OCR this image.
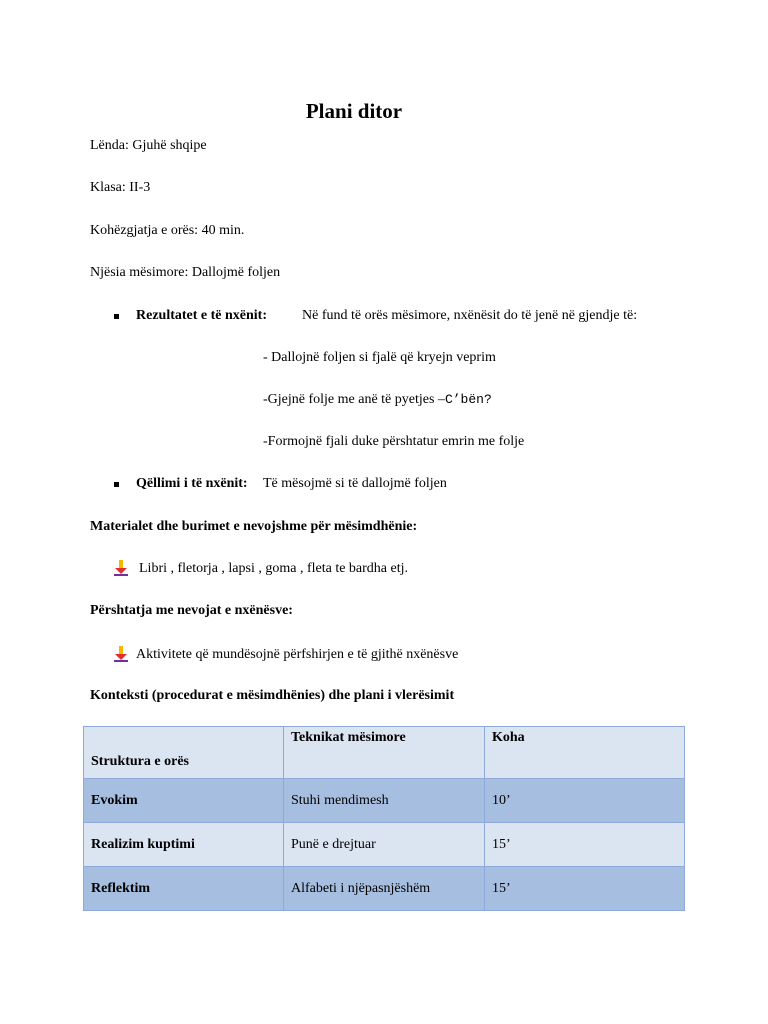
Plani ditor
Lënda: Gjuhë shqipe
Klasa: II-3
Kohëzgjatja e orës: 40 min.
Njësia mësimore: Dallojmë foljen
Rezultatet e të nxënit: Në fund të orës mësimore, nxënësit do të jenë në gjendje të:
- Dallojnë foljen si fjalë që kryejn veprim
-Gjejnë folje me anë të pyetjes –C’bën?
-Formojnë fjali duke përshtatur emrin me folje
Qëllimi i të nxënit: Të mësojmë si të dallojmë foljen
Materialet dhe burimet e nevojshme për mësimdhënie:
Libri , fletorja , lapsi , goma , fleta te bardha etj.
Përshtatja me nevojat e nxënësve:
Aktivitete që mundësojnë përfshirjen e të gjithë nxënësve
Konteksti (procedurat e mësimdhënies) dhe plani i vlerësimit
Struktura e orës	Teknikat mësimore	Koha
Evokim	Stuhi mendimesh	10’
Realizim kuptimi	Punë e drejtuar	15’
Reflektim	Alfabeti i njëpasnjëshëm	15’
